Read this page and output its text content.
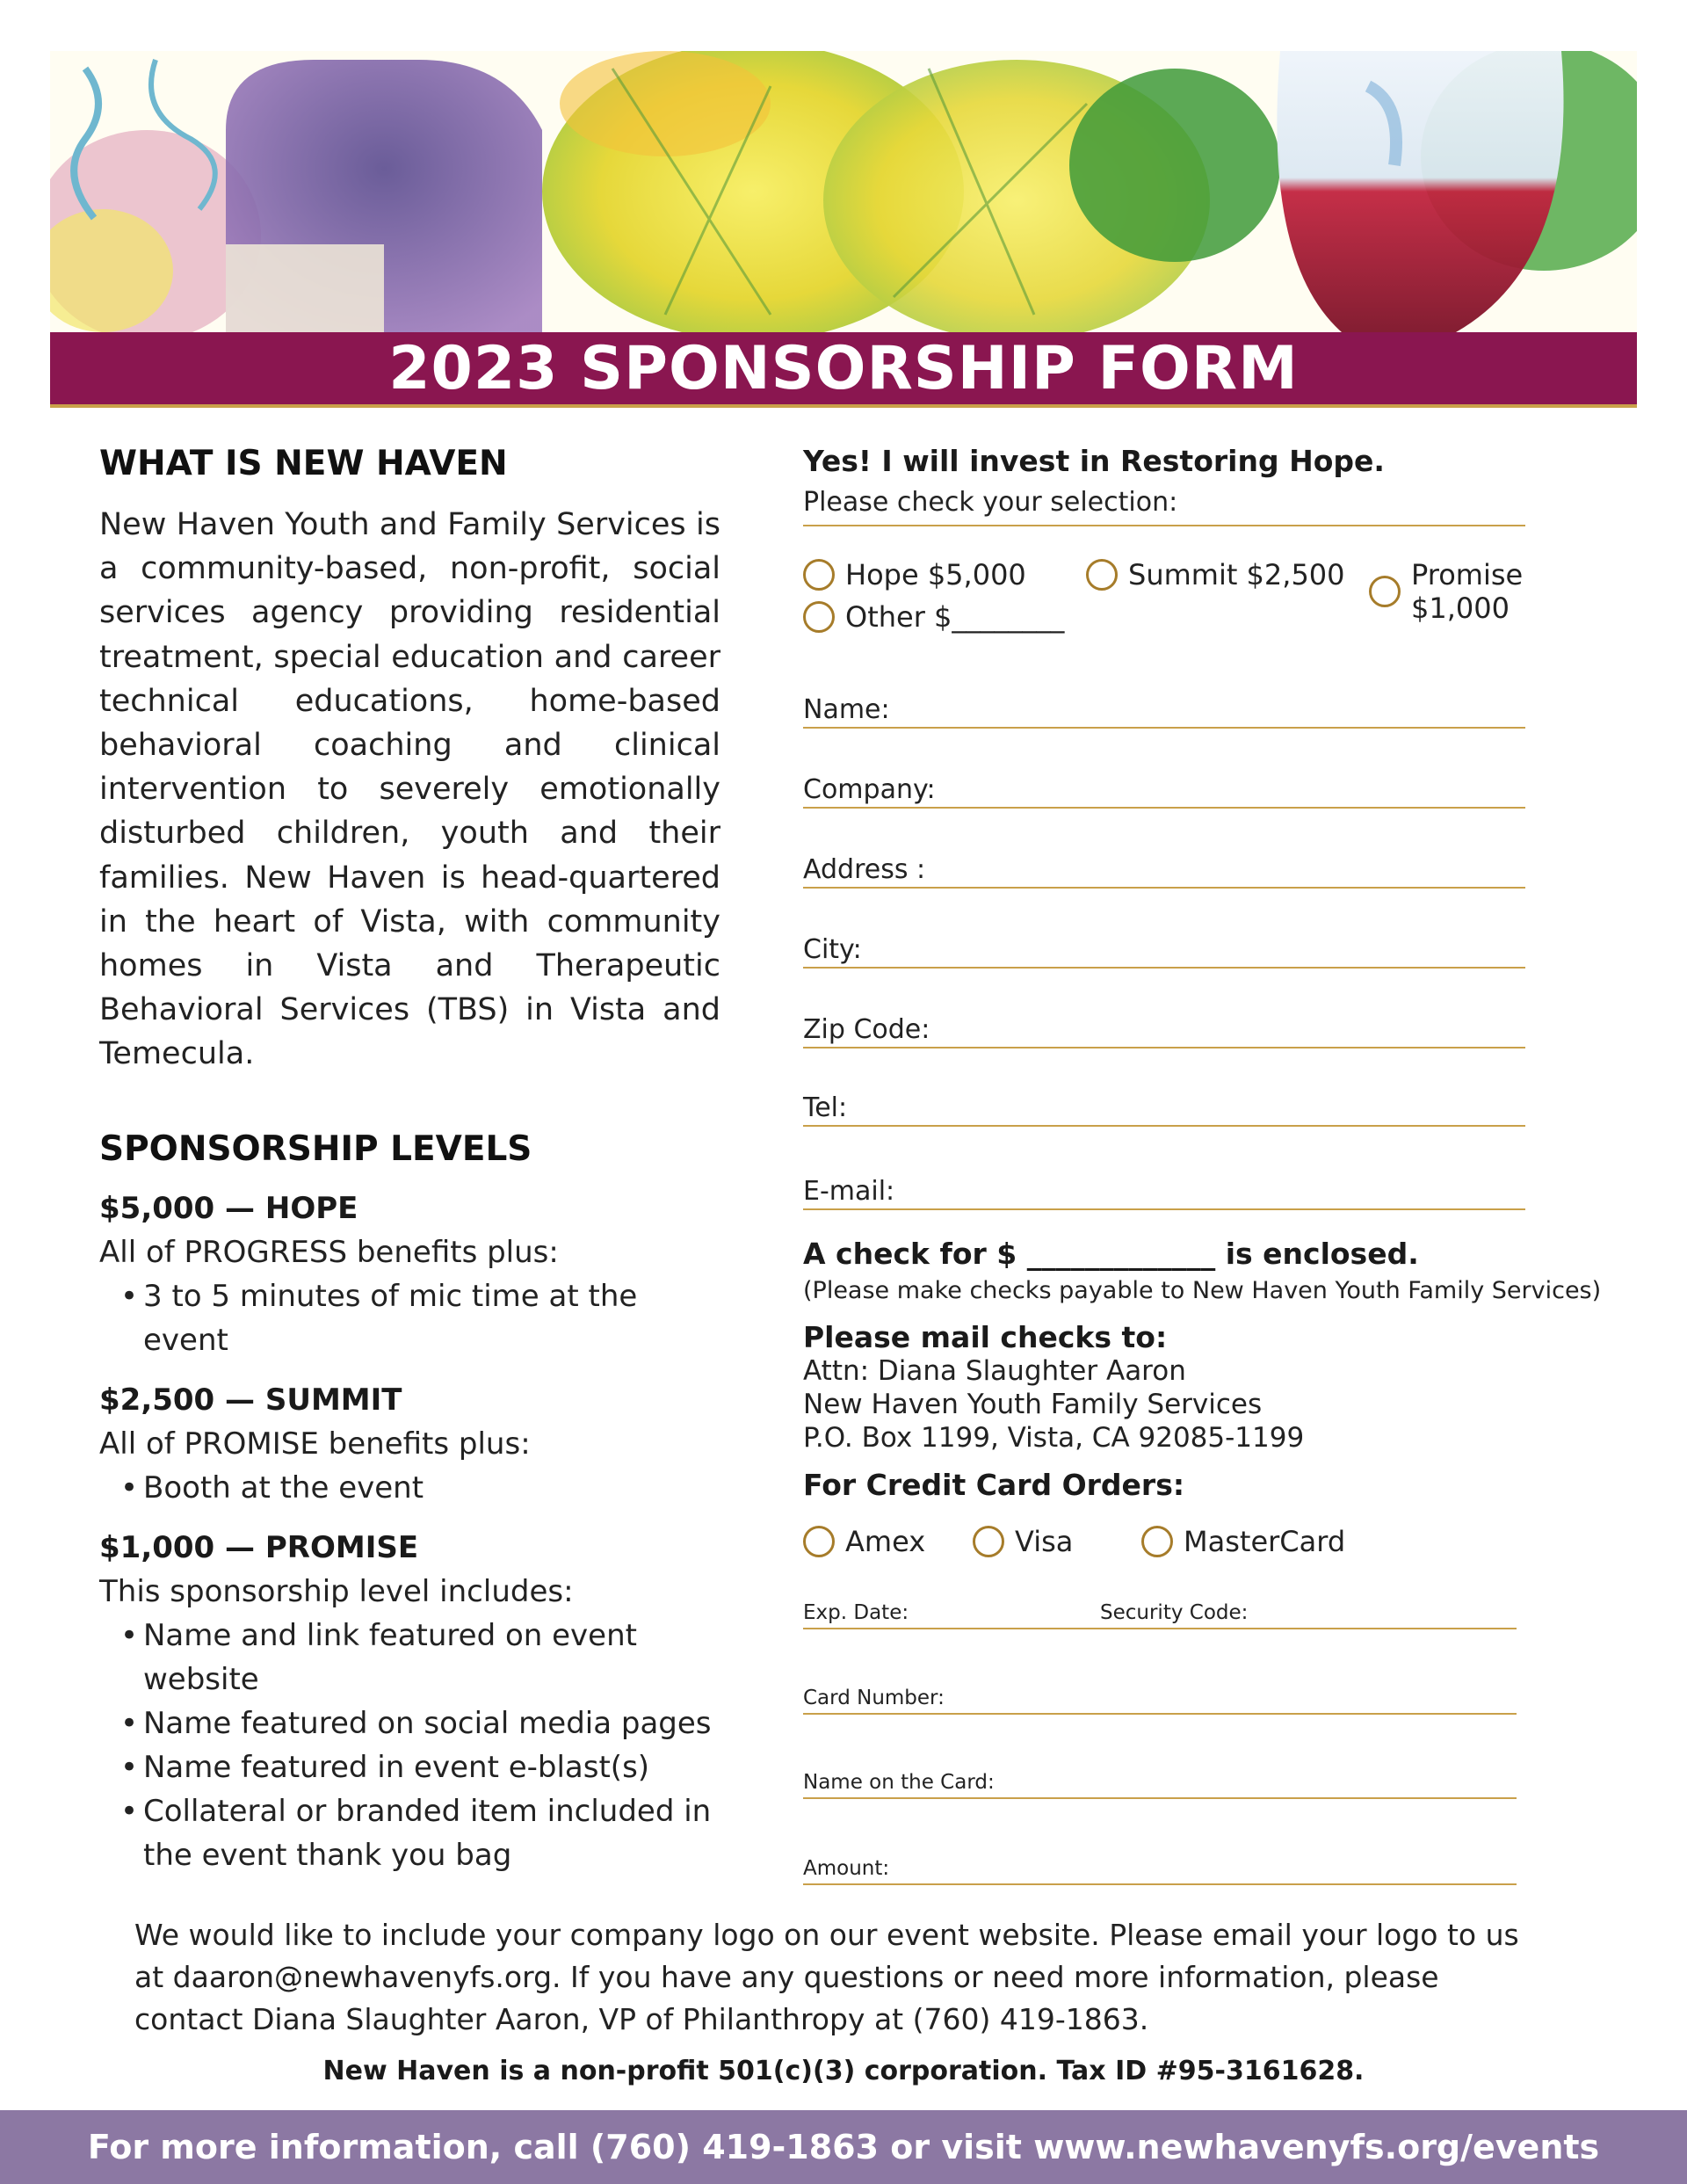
2023 SPONSORSHIP FORM
WHAT IS NEW HAVEN

New Haven Youth and Family Services is a community-based, non-profit, social services agency providing residential treatment, special education and career technical educations, home-based behavioral coaching and clinical intervention to severely emotionally disturbed children, youth and their families. New Haven is head-quartered in the heart of Vista, with community homes in Vista and Therapeutic Behavioral Services (TBS) in Vista and Temecula.

SPONSORSHIP LEVELS
$5,000 — HOPE
All of PROGRESS benefits plus:
• 3 to 5 minutes of mic time at the event
$2,500 — SUMMIT
All of PROMISE benefits plus:
• Booth at the event
$1,000 — PROMISE
This sponsorship level includes:
• Name and link featured on event website
• Name featured on social media pages
• Name featured in event e-blast(s)
• Collateral or branded item included in the event thank you bag
Yes! I will invest in Restoring Hope.
Please check your selection:
Hope $5,000	Summit $2,500 Promise $1,000
Other $________
Name:
Company:
Address :
City:
Zip Code:
Tel:
E-mail:
A check for $ _____________ is enclosed.
(Please make checks payable to New Haven Youth Family Services)
Please mail checks to:
Attn: Diana Slaughter Aaron
New Haven Youth Family Services
P.O. Box 1199, Vista, CA 92085-1199
For Credit Card Orders:
Amex	Visa	MasterCard
Exp. Date:	Security Code:
Card Number:
Name on the Card:
Amount:

We would like to include your company logo on our event website. Please email your logo to us at daaron@newhavenyfs.org. If you have any questions or need more information, please contact Diana Slaughter Aaron, VP of Philanthropy at (760) 419-1863.

New Haven is a non-profit 501(c)(3) corporation. Tax ID #95-3161628.
For more information, call (760) 419-1863 or visit www.newhavenyfs.org/events
